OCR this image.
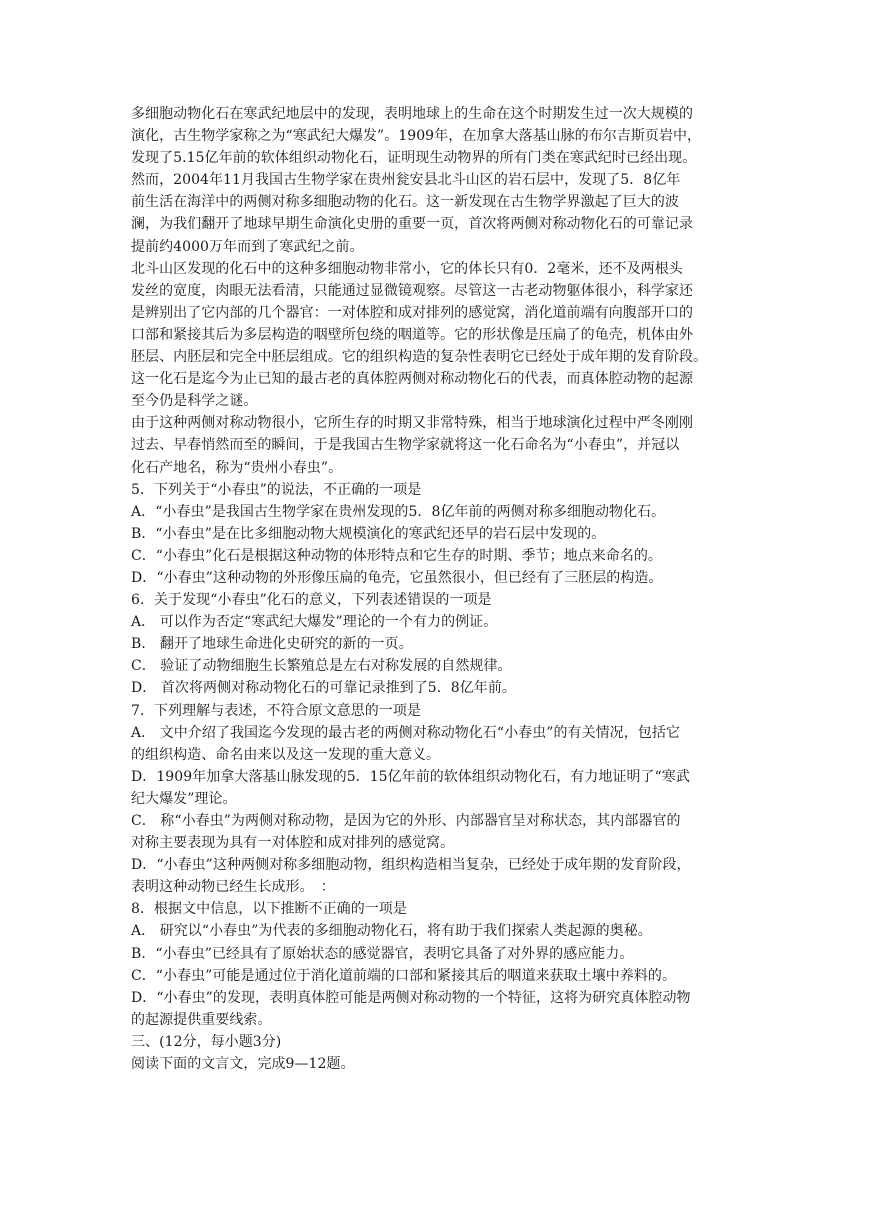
多细胞动物化石在寒武纪地层中的发现，表明地球上的生命在这个时期发生过一次大规模的
演化，古生物学家称之为“寒武纪大爆发”。1909年，在加拿大落基山脉的布尔吉斯页岩中，
发现了5.15亿年前的软体组织动物化石，证明现生动物界的所有门类在寒武纪时已经出现。
然而，2004年11月我国古生物学家在贵州瓮安县北斗山区的岩石层中，发现了5．8亿年
前生活在海洋中的两侧对称多细胞动物的化石。这一新发现在古生物学界激起了巨大的波
澜，为我们翻开了地球早期生命演化史册的重要一页，首次将两侧对称动物化石的可靠记录
提前约4000万年而到了寒武纪之前。
北斗山区发现的化石中的这种多细胞动物非常小，它的体长只有0．2毫米，还不及两根头
发丝的宽度，肉眼无法看清，只能通过显微镜观察。尽管这一古老动物躯体很小，科学家还
是辨别出了它内部的几个器官：一对体腔和成对排列的感觉窝，消化道前端有向腹部开口的
口部和紧接其后为多层构造的咽壁所包绕的咽道等。它的形状像是压扁了的龟壳，机体由外
胚层、内胚层和完全中胚层组成。它的组织构造的复杂性表明它已经处于成年期的发育阶段。
这一化石是迄今为止已知的最古老的真体腔两侧对称动物化石的代表，而真体腔动物的起源
至今仍是科学之谜。
由于这种两侧对称动物很小，它所生存的时期又非常特殊，相当于地球演化过程中严冬刚刚
过去、早春悄然而至的瞬间，于是我国古生物学家就将这一化石命名为“小春虫”，并冠以
化石产地名，称为“贵州小春虫”。
5．下列关于“小春虫”的说法，不正确的一项是
A．“小春虫”是我国古生物学家在贵州发现的5．8亿年前的两侧对称多细胞动物化石。
B．“小春虫”是在比多细胞动物大规模演化的寒武纪还早的岩石层中发现的。
C．“小春虫”化石是根据这种动物的体形特点和它生存的时期、季节；地点来命名的。
D．“小春虫”这种动物的外形像压扁的龟壳，它虽然很小，但已经有了三胚层的构造。
6．关于发现“小春虫”化石的意义，下列表述错误的一项是
A． 可以作为否定“寒武纪大爆发”理论的一个有力的例证。
B． 翻开了地球生命进化史研究的新的一页。
C． 验证了动物细胞生长繁殖总是左右对称发展的自然规律。
D． 首次将两侧对称动物化石的可靠记录推到了5．8亿年前。
7．下列理解与表述，不符合原文意思的一项是
A． 文中介绍了我国迄今发现的最古老的两侧对称动物化石“小春虫”的有关情况，包括它
的组织构造、命名由来以及这一发现的重大意义。
D．1909年加拿大落基山脉发现的5．15亿年前的软体组织动物化石，有力地证明了“寒武
纪大爆发”理论。
C． 称“小春虫”为两侧对称动物，是因为它的外形、内部器官呈对称状态，其内部器官的
对称主要表现为具有一对体腔和成对排列的感觉窝。
D．“小春虫”这种两侧对称多细胞动物，组织构造相当复杂，已经处于成年期的发育阶段，
表明这种动物已经生长成形。　：
8．根据文中信息，以下推断不正确的一项是
A． 研究以“小春虫”为代表的多细胞动物化石，将有助于我们探索人类起源的奥秘。
B．“小春虫”已经具有了原始状态的感觉器官，表明它具备了对外界的感应能力。
C．“小春虫”可能是通过位于消化道前端的口部和紧接其后的咽道来获取土壤中养料的。
D．“小春虫”的发现，表明真体腔可能是两侧对称动物的一个特征，这将为研究真体腔动物
的起源提供重要线索。
三、(12分，每小题3分)
阅读下面的文言文，完成9—12题。
